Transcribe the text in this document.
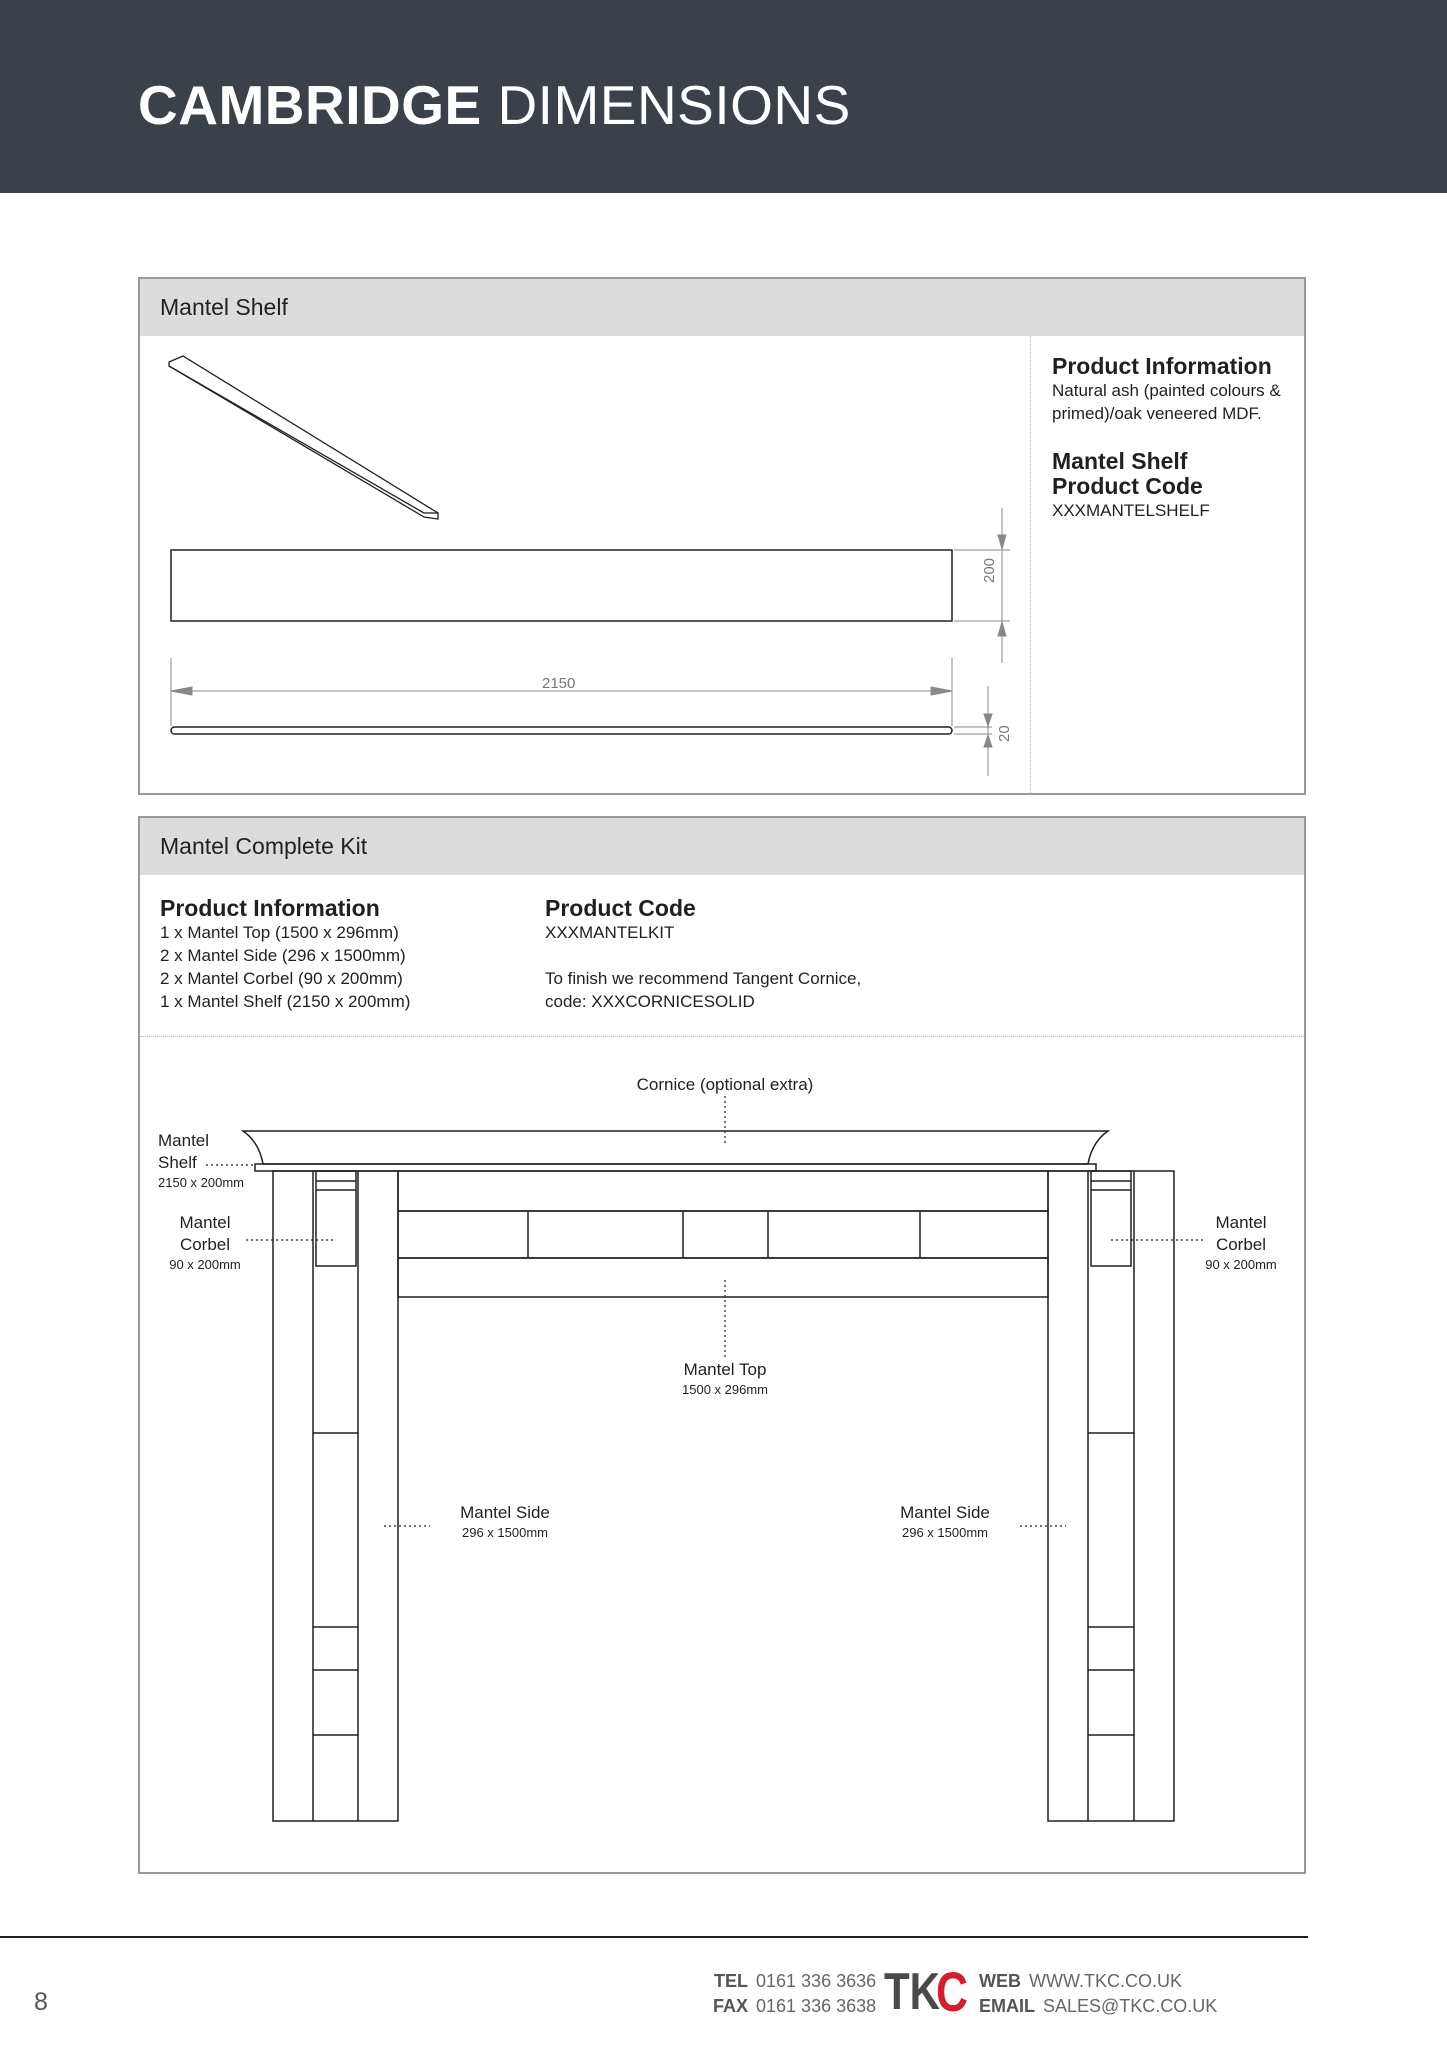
CAMBRIDGE DIMENSIONS
Mantel Shelf
2150
200
20
Product Information
Natural ash (painted colours &
primed)/oak veneered MDF.
Mantel Shelf
Product Code
XXXMANTELSHELF
Mantel Complete Kit
Product Information
1 x Mantel Top (1500 x 296mm)
2 x Mantel Side (296 x 1500mm)
2 x Mantel Corbel (90 x 200mm)
1 x Mantel Shelf (2150 x 200mm)
Product Code
XXXMANTELKIT
To finish we recommend Tangent Cornice,
code: XXXCORNICESOLID
Cornice (optional extra)
Mantel
Shelf
2150 x 200mm
Mantel
Corbel
90 x 200mm
Mantel
Corbel
90 x 200mm
Mantel Top
1500 x 296mm
Mantel Side
296 x 1500mm
Mantel Side
296 x 1500mm
8
TEL 0161 336 3636
FAX 0161 336 3638 TK
C WEB WWW.TKC.CO.UK
EMAIL SALES@TKC.CO.UK
